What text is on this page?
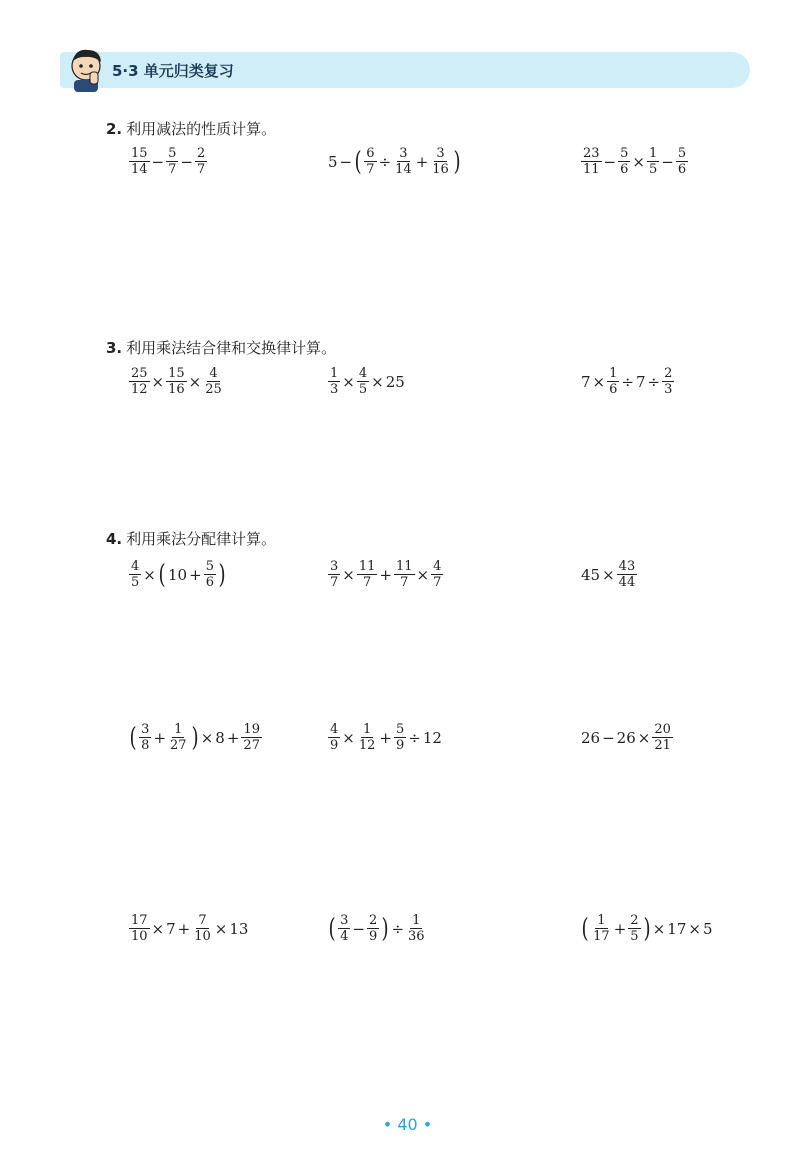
5·3 单元归类复习
2. 利用减法的性质计算。
$\frac{15}{14} - \frac{5}{7} - \frac{2}{7}$	5 − ( $\frac{6}{7} \div \frac{3}{14} + \frac{3}{16}$ )	$\frac{23}{11} - \frac{5}{6} \times \frac{1}{5} - \frac{5}{6}$
3. 利用乘法结合律和交换律计算。
$\frac{25}{12} \times \frac{15}{16} \times \frac{4}{25}$	$\frac{1}{3} \times \frac{4}{5} \times 25$	$7 \times \frac{1}{6} \div 7 \div \frac{2}{3}$
4. 利用乘法分配律计算。
$\frac{4}{5}$ × ( $10 + \frac{5}{6}$ )	$\frac{3}{7} \times \frac{11}{7} + \frac{11}{7} \times \frac{4}{7}$	$45 \times \frac{43}{44}$
( $\frac{3}{8} + \frac{1}{27}$ ) × $8 + \frac{19}{27}$	$\frac{4}{9} \times \frac{1}{12} + \frac{5}{9} \div 12$	$26 - 26 \times \frac{20}{21}$
$\frac{17}{10} \times 7 + \frac{7}{10} \times 13$	( $\frac{3}{4} - \frac{2}{9}$ ) ÷ $\frac{1}{36}$	( $\frac{1}{17} + \frac{2}{5}$ ) × 17 × 5
• 40 •
